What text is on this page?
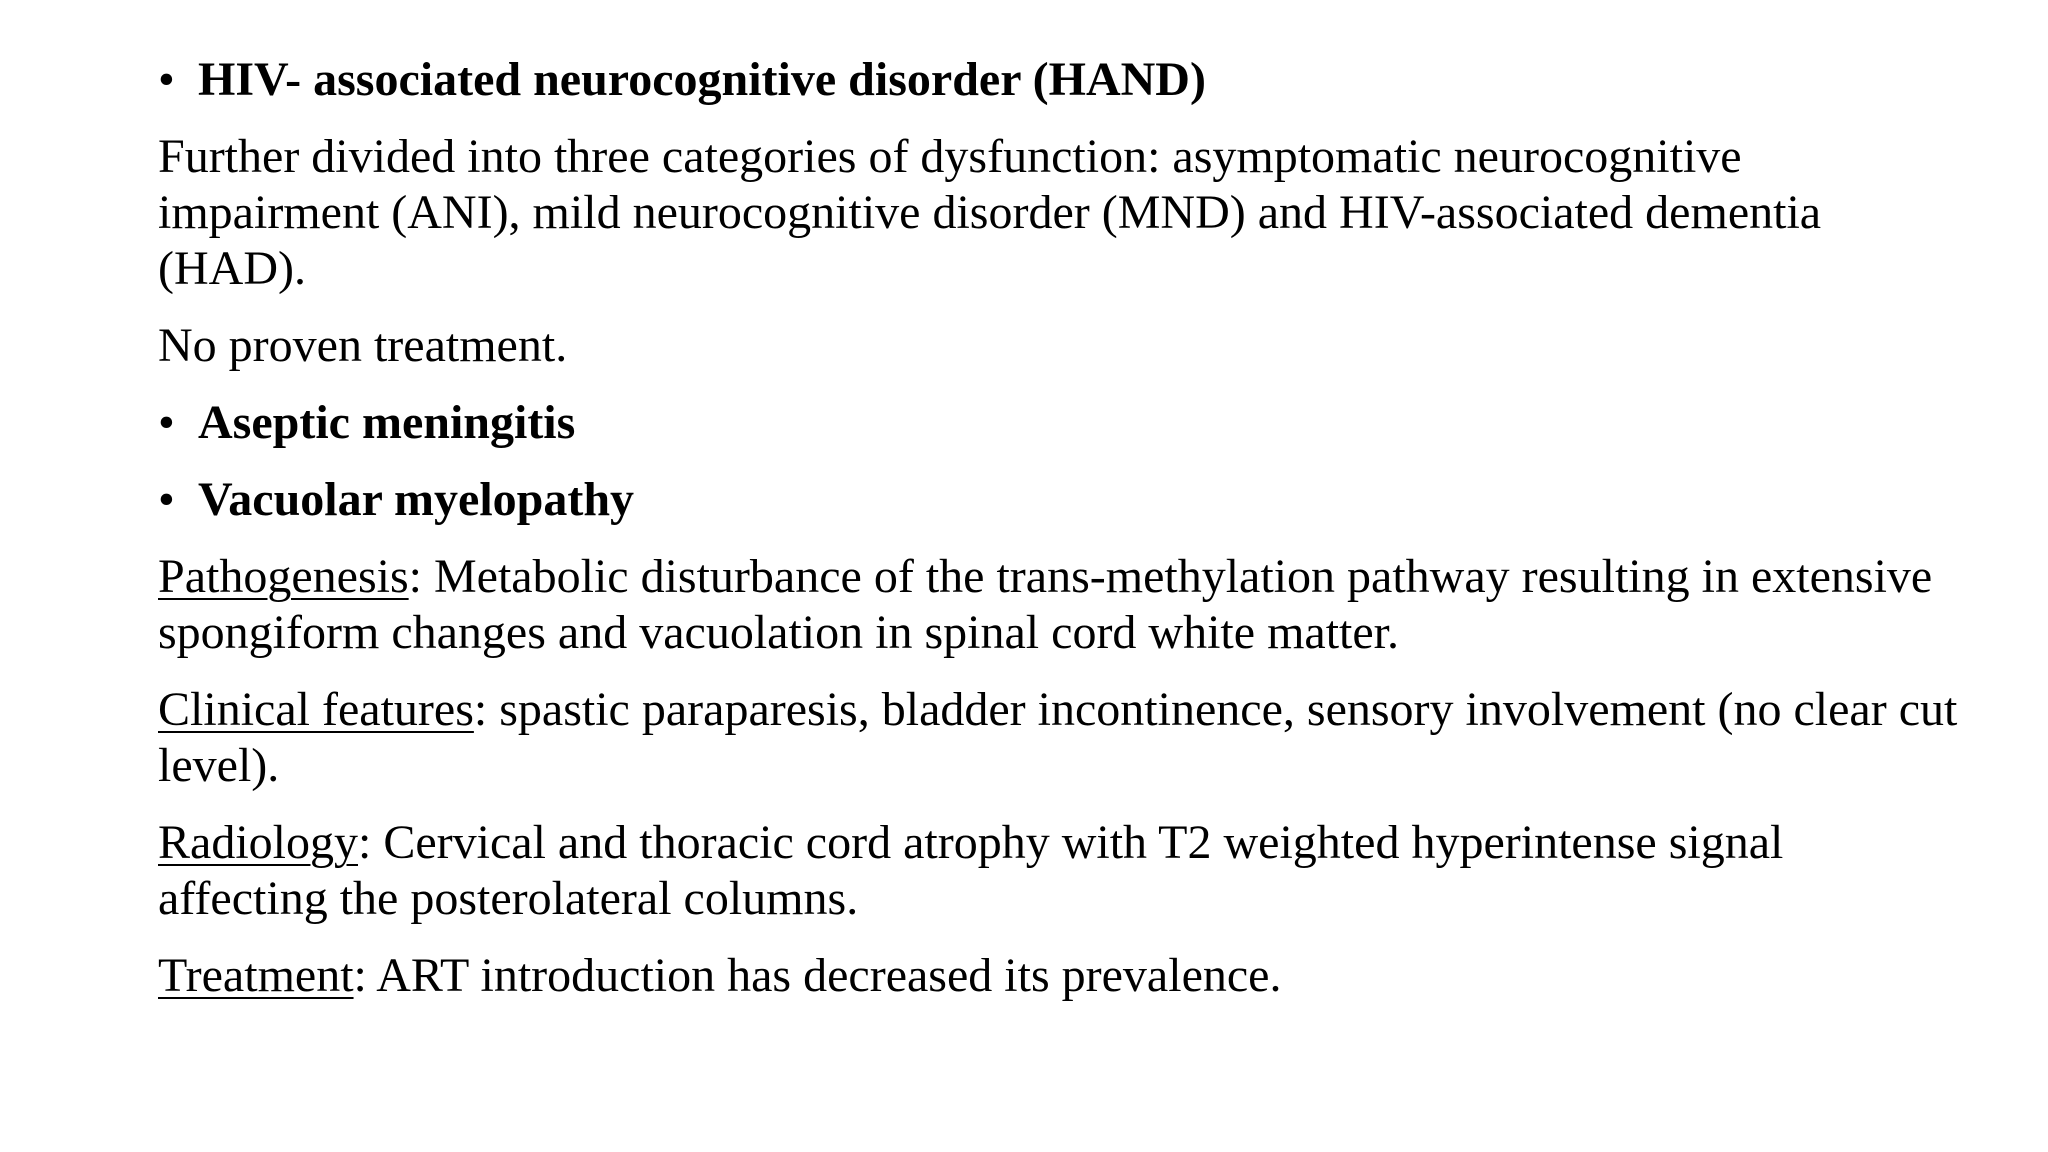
• HIV- associated neurocognitive disorder (HAND)
Further divided into three categories of dysfunction: asymptomatic neurocognitive impairment (ANI), mild neurocognitive disorder (MND) and HIV-associated dementia (HAD).
No proven treatment.
• Aseptic meningitis
• Vacuolar myelopathy
Pathogenesis: Metabolic disturbance of the trans-methylation pathway resulting in extensive spongiform changes and vacuolation in spinal cord white matter.
Clinical features: spastic paraparesis, bladder incontinence, sensory involvement (no clear cut level).
Radiology: Cervical and thoracic cord atrophy with T2 weighted hyperintense signal affecting the posterolateral columns.
Treatment: ART introduction has decreased its prevalence.
